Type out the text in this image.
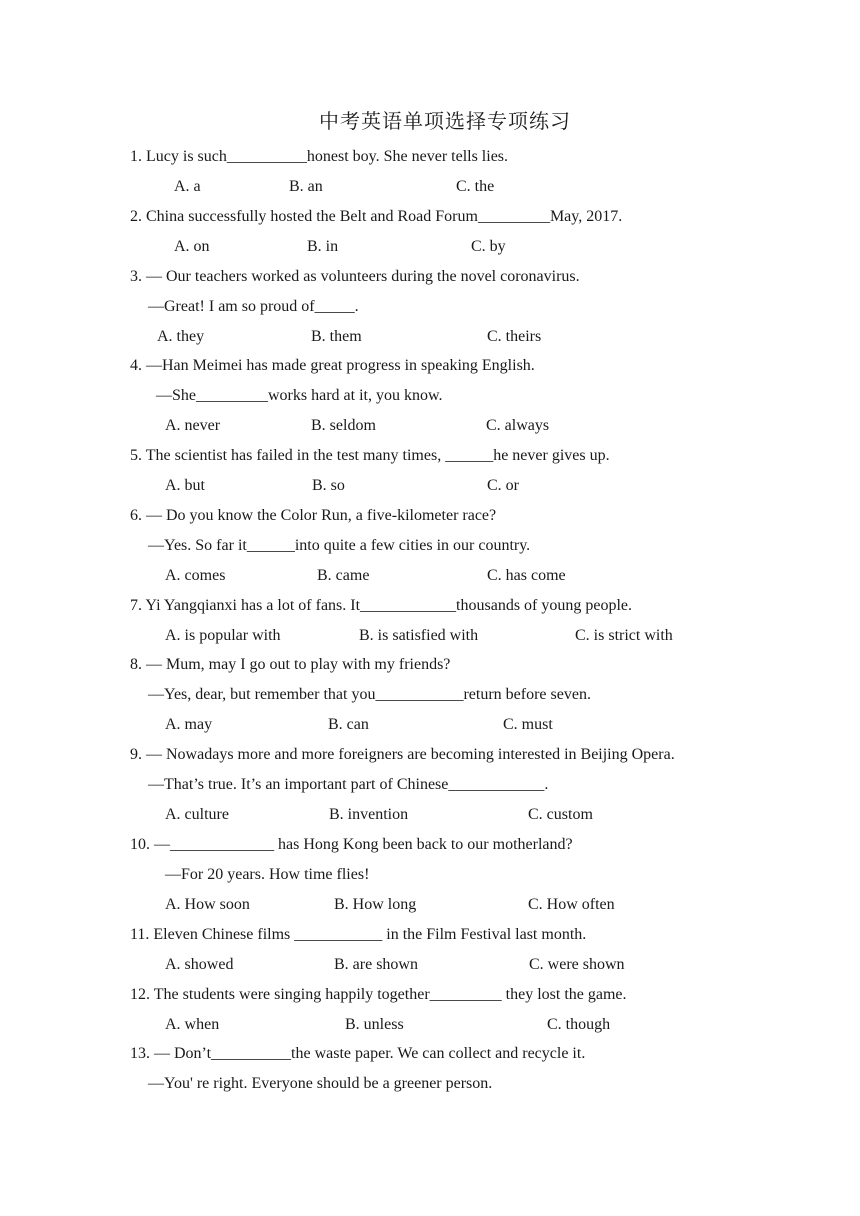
中考英语单项选择专项练习
1. Lucy is such__________honest boy. She never tells lies.
A. a	B. an	C. the
2. China successfully hosted the Belt and Road Forum_________May, 2017.
A. on	B. in	C. by
3. — Our teachers worked as volunteers during the novel coronavirus.
—Great! I am so proud of_____.
A. they	B. them	C. theirs
4. —Han Meimei has made great progress in speaking English.
—She_________works hard at it, you know.
A. never	B. seldom	C. always
5. The scientist has failed in the test many times, ______he never gives up.
A. but	B. so	C. or
6. — Do you know the Color Run, a five-kilometer race?
—Yes. So far it______into quite a few cities in our country.
A. comes	B. came	C. has come
7. Yi Yangqianxi has a lot of fans. It____________thousands of young people.
A. is popular with	B. is satisfied with	C. is strict with
8. — Mum, may I go out to play with my friends?
—Yes, dear, but remember that you___________return before seven.
A. may	B. can	C. must
9. — Nowadays more and more foreigners are becoming interested in Beijing Opera.
—That’s true. It’s an important part of Chinese____________.
A. culture	B. invention	C. custom
10. —_____________ has Hong Kong been back to our motherland?
—For 20 years. How time flies!
A. How soon	B. How long	C. How often
11. Eleven Chinese films ___________ in the Film Festival last month.
A. showed	B. are shown	C. were shown
12. The students were singing happily together_________ they lost the game.
A. when	B. unless	C. though
13. — Don’t__________the waste paper. We can collect and recycle it.
—You' re right. Everyone should be a greener person.
